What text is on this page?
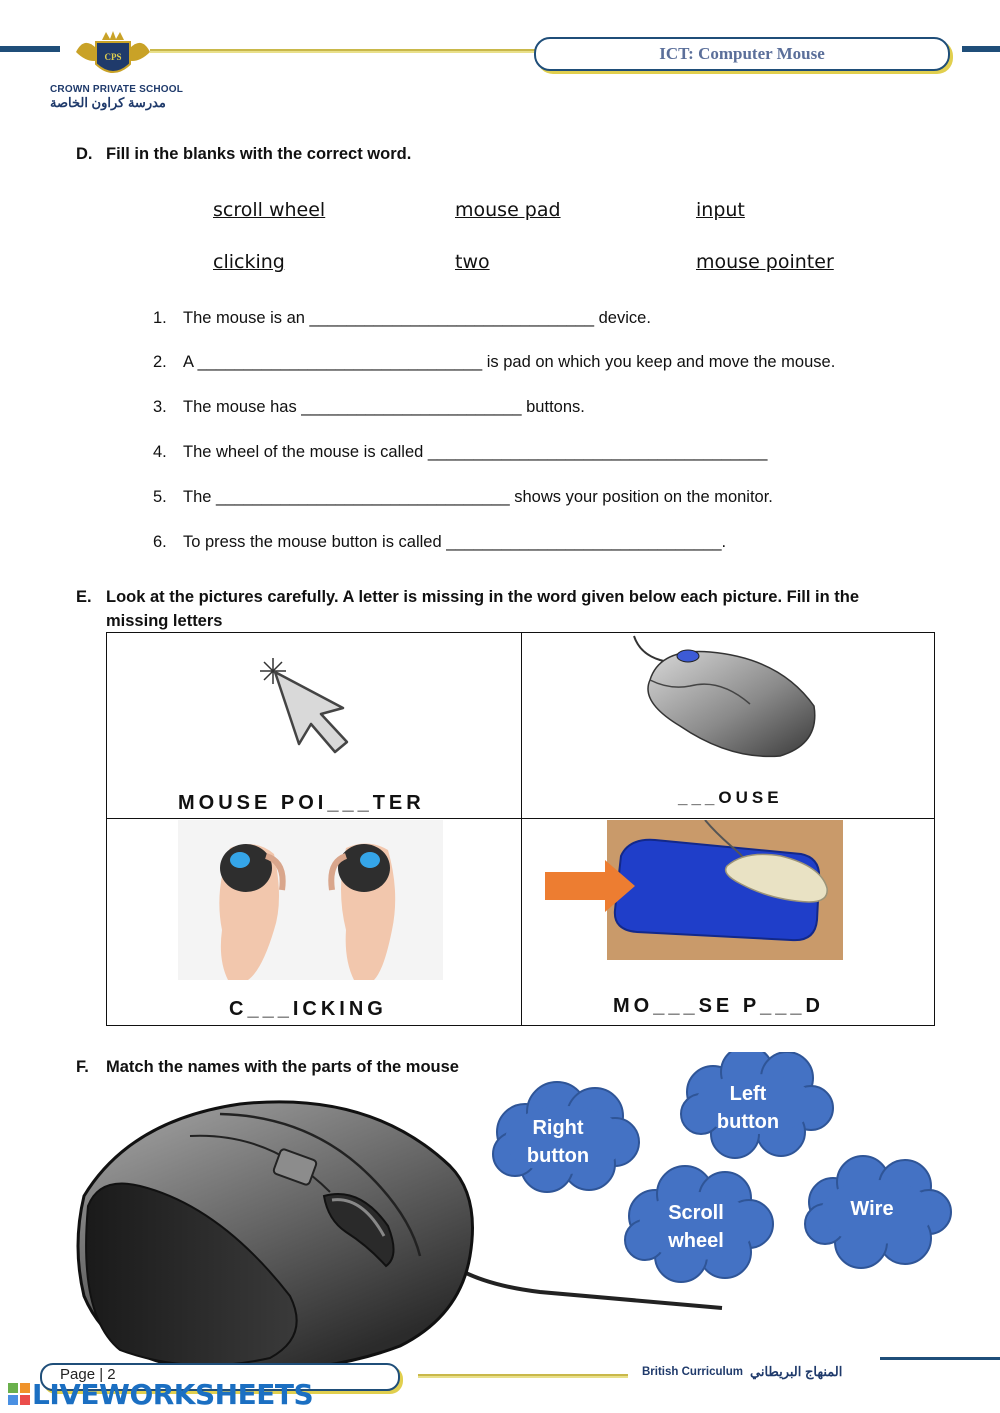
CPS
CROWN PRIVATE SCHOOL
مدرسة كراون الخاصة
ICT: Computer Mouse
D. Fill in the blanks with the correct word.
scroll wheel	mouse pad	input
clicking	two	mouse pointer
1. The mouse is an _______________________________ device.
2. A _______________________________ is pad on which you keep and move the mouse.
3. The mouse has ________________________ buttons.
4. The wheel of the mouse is called _____________________________________
5. The ________________________________ shows your position on the monitor.
6. To press the mouse button is called ______________________________.
E. Look at the pictures carefully. A letter is missing in the word given below each picture. Fill in the
missing letters
MOUSE POI___TER	___OUSE
C___ICKING	MO___SE P___D
F. Match the names with the parts of the mouse
Right
button
Left
button
Scroll
wheel
Wire
Page | 2	British Curriculum المنهاج البريطاني
LIVEWORKSHEETS
